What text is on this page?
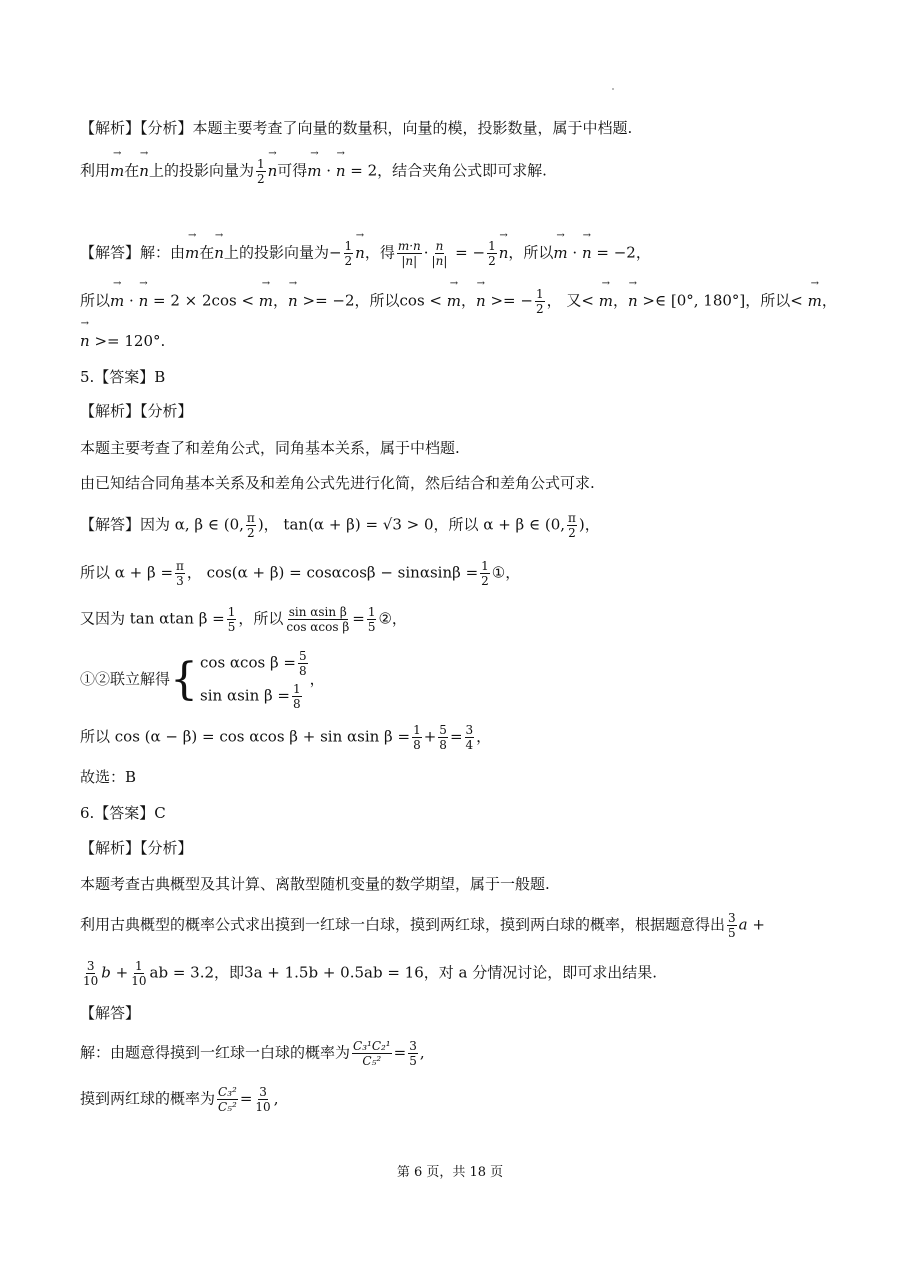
【解析】【分析】本题主要考查了向量的数量积，向量的模，投影数量，属于中档题.
利用→ m在→ n上的投影向量为 $\frac{1}{2}$
→ n可得→ m · → n = 2，结合夹角公式即可求解.
【解答】解：由→ m在→ n上的投影向量为− $\frac{1}{2}$
→ n，得 $\frac{m\cdot n}{|n|} \cdot \frac{n}{|n|}$ = − $\frac{1}{2}$
→ n，所以→ m · → n = −2，
所以→ m · → n = 2 × 2cos < → m，→ n >= −2，所以cos < → m，→ n >= − $\frac{1}{2}$ ， 又< → m，→ n >∈ [0°, 180°]，所以< → m，
→ n >= 120°.
5.【答案】B
【解析】【分析】
本题主要考查了和差角公式，同角基本关系，属于中档题.
由已知结合同角基本关系及和差角公式先进行化简，然后结合和差角公式可求.
【解答】因为 α, β ∈ (0, $\frac{\pi}{2}$ )， tan(α + β) = √3 > 0，所以 α + β ∈ (0, $\frac{\pi}{2}$ )，
所以 $\alpha + \beta = \frac{\pi}{3}$ ， $\cos(\alpha + \beta) = \cos\alpha\cos\beta - \sin\alpha\sin\beta = \frac{1}{2}$ ①，
又因为 tan αtan $\beta = \frac{1}{5}$ ，所以 $\frac{\text{sin αsin β}}{\text{cos αcos β}} = \frac{1}{5}$ ②，
①②联立解得 { cos αcos $\beta = \frac{5}{8}$
sin αsin $\beta = \frac{1}{8}$
，
所以 cos (α − β) = cos αcos β + sin αsin $\beta = \frac{1}{8} + \frac{5}{8} = \frac{3}{4}$ ，
故选：B
6.【答案】C
【解析】【分析】
本题考查古典概型及其计算、离散型随机变量的数学期望，属于一般题.
利用古典概型的概率公式求出摸到一红球一白球，摸到两红球，摸到两白球的概率，根据题意得出 $\frac{3}{5}$ a +
$\frac{3}{10}$ $b + \frac{1}{10}$ ab = 3.2，即3a + 1.5b + 0.5ab = 16，对 a 分情况讨论，即可求出结果.
【解答】
解：由题意得摸到一红球一白球的概率为 $\frac{\text{C₃¹C₂¹}}{\text{C₅²}} = \frac{3}{5}$ ,
摸到两红球的概率为 $\frac{\text{C₃²}}{\text{C₅²}} = \frac{3}{10}$ ,
第 6 页，共 18 页
